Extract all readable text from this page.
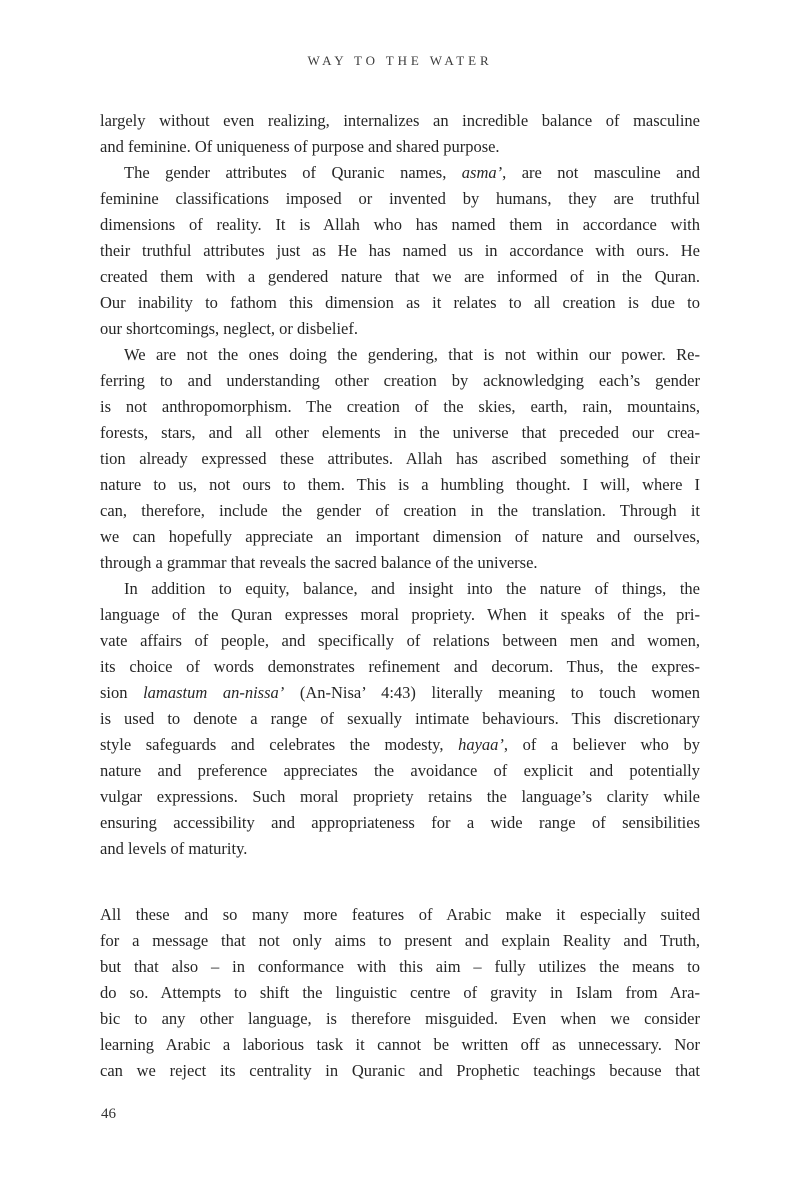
WAY TO THE WATER
largely without even realizing, internalizes an incredible balance of masculine
and feminine. Of uniqueness of purpose and shared purpose.
The gender attributes of Quranic names, asma’, are not masculine and
feminine classifications imposed or invented by humans, they are truthful
dimensions of reality. It is Allah who has named them in accordance with
their truthful attributes just as He has named us in accordance with ours. He
created them with a gendered nature that we are informed of in the Quran.
Our inability to fathom this dimension as it relates to all creation is due to
our shortcomings, neglect, or disbelief.
We are not the ones doing the gendering, that is not within our power. Re-
ferring to and understanding other creation by acknowledging each’s gender
is not anthropomorphism. The creation of the skies, earth, rain, mountains,
forests, stars, and all other elements in the universe that preceded our crea-
tion already expressed these attributes. Allah has ascribed something of their
nature to us, not ours to them. This is a humbling thought. I will, where I
can, therefore, include the gender of creation in the translation. Through it
we can hopefully appreciate an important dimension of nature and ourselves,
through a grammar that reveals the sacred balance of the universe.
In addition to equity, balance, and insight into the nature of things, the
language of the Quran expresses moral propriety. When it speaks of the pri-
vate affairs of people, and specifically of relations between men and women,
its choice of words demonstrates refinement and decorum. Thus, the expres-
sion lamastum an-nissa’ (An-Nisa’ 4:43) literally meaning to touch women
is used to denote a range of sexually intimate behaviours. This discretionary
style safeguards and celebrates the modesty, hayaa’, of a believer who by
nature and preference appreciates the avoidance of explicit and potentially
vulgar expressions. Such moral propriety retains the language’s clarity while
ensuring accessibility and appropriateness for a wide range of sensibilities
and levels of maturity.
All these and so many more features of Arabic make it especially suited
for a message that not only aims to present and explain Reality and Truth,
but that also – in conformance with this aim – fully utilizes the means to
do so. Attempts to shift the linguistic centre of gravity in Islam from Ara-
bic to any other language, is therefore misguided. Even when we consider
learning Arabic a laborious task it cannot be written off as unnecessary. Nor
can we reject its centrality in Quranic and Prophetic teachings because that
46
